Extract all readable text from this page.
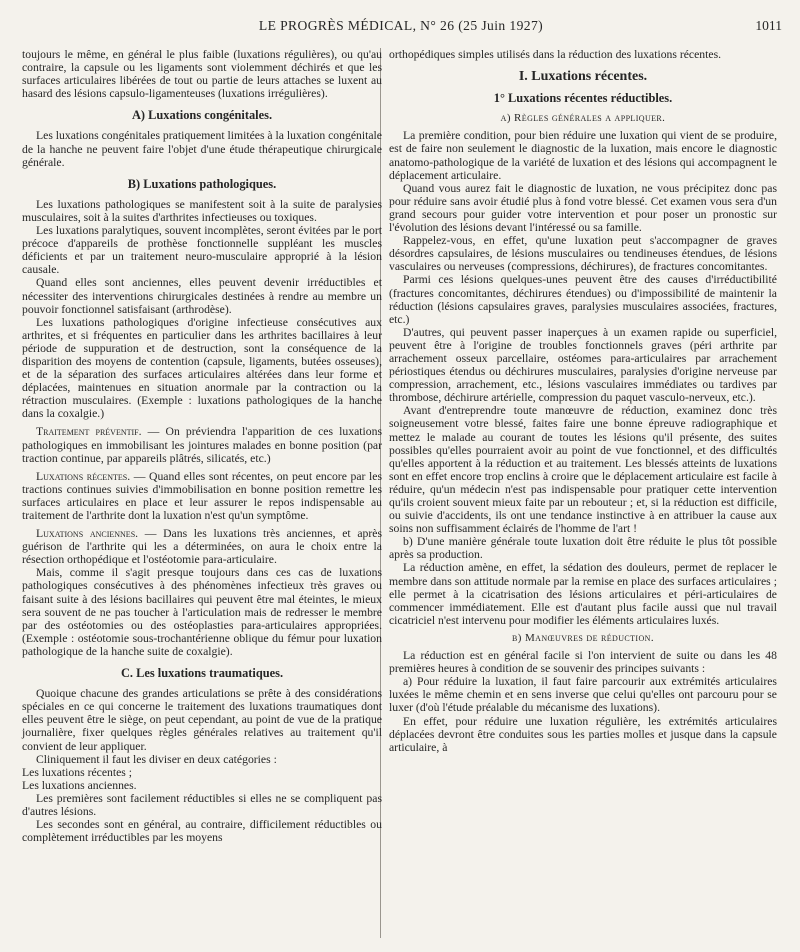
LE PROGRÈS MÉDICAL, N° 26 (25 Juin 1927)	1011

toujours le même, en général le plus faible (luxations régulières), ou qu'au contraire, la capsule ou les ligaments sont violemment déchirés et que les surfaces articulaires libérées de tout ou partie de leurs attaches se luxent au hasard des lésions capsulo-ligamenteuses (luxations irrégulières).

A) Luxations congénitales.

Les luxations congénitales pratiquement limitées à la luxation congénitale de la hanche ne peuvent faire l'objet d'une étude thérapeutique chirurgicale générale.

B) Luxations pathologiques.

Les luxations pathologiques se manifestent soit à la suite de paralysies musculaires, soit à la suites d'arthrites infectieuses ou toxiques.

Les luxations paralytiques, souvent incomplètes, seront évitées par le port précoce d'appareils de prothèse fonctionnelle suppléant les muscles déficients et par un traitement neuro-musculaire approprié à la lésion causale.

Quand elles sont anciennes, elles peuvent devenir irréductibles et nécessiter des interventions chirurgicales destinées à rendre au membre un pouvoir fonctionnel satisfaisant (arthrodèse).

Les luxations pathologiques d'origine infectieuse consécutives aux arthrites, et si fréquentes en particulier dans les arthrites bacillaires à leur période de suppuration et de destruction, sont la conséquence de la disparition des moyens de contention (capsule, ligaments, butées osseuses), et de la séparation des surfaces articulaires altérées dans leur forme et déplacées, maintenues en situation anormale par la contraction ou la rétraction musculaires. (Exemple : luxations pathologiques de la hanche dans la coxalgie.)

Traitement préventif. — On préviendra l'apparition de ces luxations pathologiques en immobilisant les jointures malades en bonne position (par traction continue, par appareils plâtrés, silicatés, etc.)

Luxations récentes. — Quand elles sont récentes, on peut encore par les tractions continues suivies d'immobilisation en bonne position remettre les surfaces articulaires en place et leur assurer le repos indispensable au traitement de l'arthrite dont la luxation n'est qu'un symptôme.

Luxations anciennes. — Dans les luxations très anciennes, et après guérison de l'arthrite qui les a déterminées, on aura le choix entre la résection orthopédique et l'ostéotomie para-articulaire.

Mais, comme il s'agit presque toujours dans ces cas de luxations pathologiques consécutives à des phénomènes infectieux très graves ou faisant suite à des lésions bacillaires qui peuvent être mal éteintes, le mieux sera souvent de ne pas toucher à l'articulation mais de redresser le membre par des ostéotomies ou des ostéoplasties para-articulaires appropriées. (Exemple : ostéotomie sous-trochantérienne oblique du fémur pour luxation pathologique de la hanche suite de coxalgie).

C. Les luxations traumatiques.

Quoique chacune des grandes articulations se prête à des considérations spéciales en ce qui concerne le traitement des luxations traumatiques dont elles peuvent être le siège, on peut cependant, au point de vue de la pratique journalière, fixer quelques règles générales relatives au traitement qu'il convient de leur appliquer.

Cliniquement il faut les diviser en deux catégories :

Les luxations récentes ;

Les luxations anciennes.

Les premières sont facilement réductibles si elles ne se compliquent pas d'autres lésions.

Les secondes sont en général, au contraire, difficilement réductibles ou complètement irréductibles par les moyens

orthopédiques simples utilisés dans la réduction des luxations récentes.

I. Luxations récentes.
1° Luxations récentes réductibles.
a) Règles générales a appliquer.

La première condition, pour bien réduire une luxation qui vient de se produire, est de faire non seulement le diagnostic de la luxation, mais encore le diagnostic anatomo-pathologique de la variété de luxation et des lésions qui accompagnent le déplacement articulaire.

Quand vous aurez fait le diagnostic de luxation, ne vous précipitez donc pas pour réduire sans avoir étudié plus à fond votre blessé. Cet examen vous sera d'un grand secours pour guider votre intervention et pour poser un pronostic sur l'évolution des lésions devant l'intéressé ou sa famille.

Rappelez-vous, en effet, qu'une luxation peut s'accompagner de graves désordres capsulaires, de lésions musculaires ou tendineuses étendues, de lésions vasculaires ou nerveuses (compressions, déchirures), de fractures concomitantes.

Parmi ces lésions quelques-unes peuvent être des causes d'irréductibilité (fractures concomitantes, déchirures étendues) ou d'impossibilité de maintenir la réduction (lésions capsulaires graves, paralysies musculaires associées, fractures, etc.)

D'autres, qui peuvent passer inaperçues à un examen rapide ou superficiel, peuvent être à l'origine de troubles fonctionnels graves (péri arthrite par arrachement osseux parcellaire, ostéomes para-articulaires par arrachement périostiques étendus ou déchirures musculaires, paralysies d'origine nerveuse par compression, arrachement, etc., lésions vasculaires immédiates ou tardives par thrombose, déchirure artérielle, compression du paquet vasculo-nerveux, etc.).

Avant d'entreprendre toute manœuvre de réduction, examinez donc très soigneusement votre blessé, faites faire une bonne épreuve radiographique et mettez le malade au courant de toutes les lésions qu'il présente, des suites possibles qu'elles pourraient avoir au point de vue fonctionnel, et des difficultés qu'elles apportent à la réduction et au traitement. Les blessés atteints de luxations sont en effet encore trop enclins à croire que le déplacement articulaire est facile à réduire, qu'un médecin n'est pas indispensable pour pratiquer cette intervention qu'ils croient souvent mieux faite par un rebouteur ; et, si la réduction est difficile, ou suivie d'accidents, ils ont une tendance instinctive à en attribuer la cause aux soins non suffisamment éclairés de l'homme de l'art !

b) D'une manière générale toute luxation doit être réduite le plus tôt possible après sa production.

La réduction amène, en effet, la sédation des douleurs, permet de replacer le membre dans son attitude normale par la remise en place des surfaces articulaires ; elle permet à la cicatrisation des lésions articulaires et péri-articulaires de commencer immédiatement. Elle est d'autant plus facile aussi que nul travail cicatriciel n'est intervenu pour modifier les éléments articulaires luxés.

b) Manœuvres de réduction.

La réduction est en général facile si l'on intervient de suite ou dans les 48 premières heures à condition de se souvenir des principes suivants :

a) Pour réduire la luxation, il faut faire parcourir aux extrémités articulaires luxées le même chemin et en sens inverse que celui qu'elles ont parcouru pour se luxer (d'où l'étude préalable du mécanisme des luxations).

En effet, pour réduire une luxation régulière, les extrémités articulaires déplacées devront être conduites sous les parties molles et jusque dans la capsule articulaire, à
